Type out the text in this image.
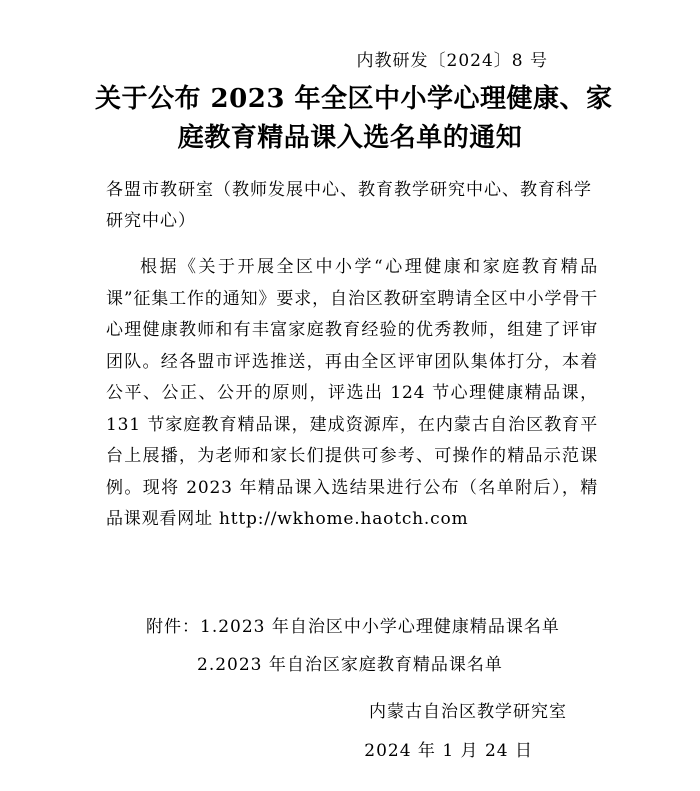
内教研发〔2024〕8 号
关于公布 2023 年全区中小学心理健康、家
庭教育精品课入选名单的通知
各盟市教研室（教师发展中心、教育教学研究中心、教育科学研究中心）
根据《关于开展全区中小学“心理健康和家庭教育精品课”征集工作的通知》要求，自治区教研室聘请全区中小学骨干心理健康教师和有丰富家庭教育经验的优秀教师，组建了评审团队。经各盟市评选推送，再由全区评审团队集体打分，本着公平、公正、公开的原则，评选出 124 节心理健康精品课，131 节家庭教育精品课，建成资源库，在内蒙古自治区教育平台上展播，为老师和家长们提供可参考、可操作的精品示范课例。现将 2023 年精品课入选结果进行公布（名单附后），精品课观看网址 http://wkhome.haotch.com
附件：1.2023 年自治区中小学心理健康精品课名单
2.2023 年自治区家庭教育精品课名单
内蒙古自治区教学研究室
2024 年 1 月 24 日
